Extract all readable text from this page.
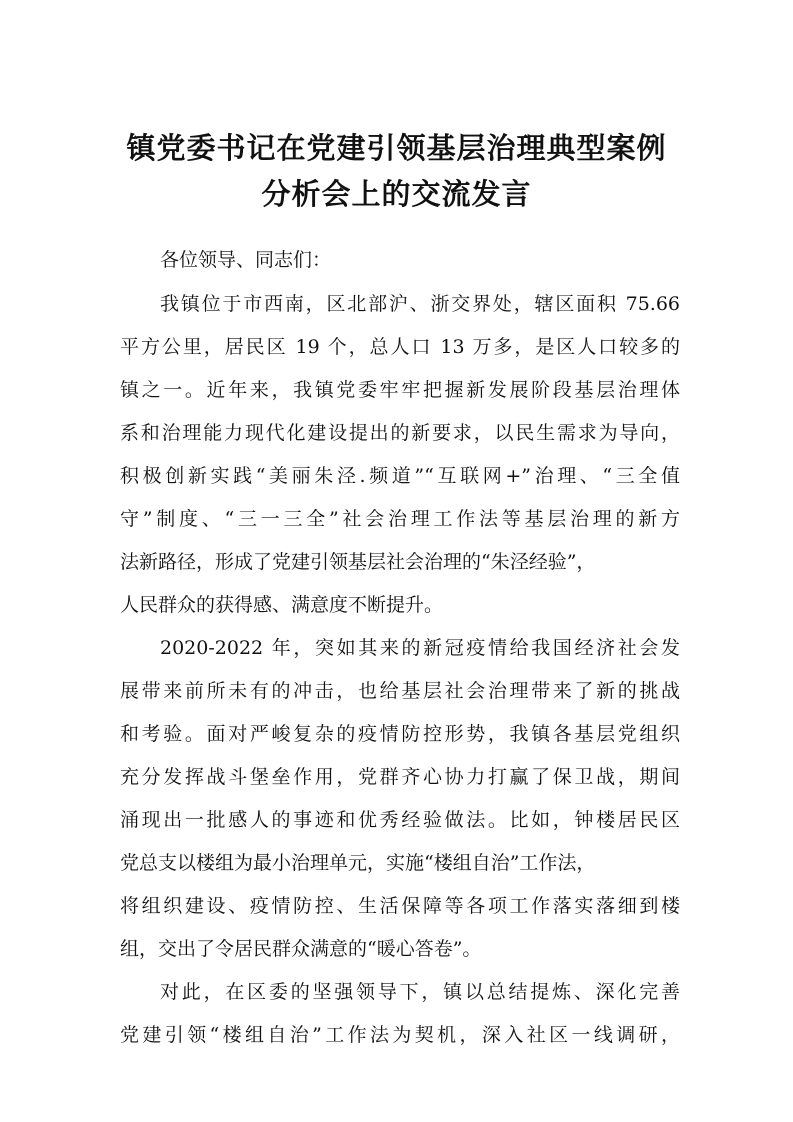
镇党委书记在党建引领基层治理典型案例
分析会上的交流发言

各位领导、同志们：

我镇位于市西南，区北部沪、浙交界处，辖区面积 75.66

平方公里，居民区 19 个，总人口 13 万多，是区人口较多的

镇之一。近年来，我镇党委牢牢把握新发展阶段基层治理体

系和治理能力现代化建设提出的新要求，以民生需求为导向，

积极创新实践“美丽朱泾.频道”“互联网+”治理、“三全值

守”制度、“三一三全”社会治理工作法等基层治理的新方

法新路径，形成了党建引领基层社会治理的“朱泾经验”，

人民群众的获得感、满意度不断提升。

2020-2022 年，突如其来的新冠疫情给我国经济社会发

展带来前所未有的冲击，也给基层社会治理带来了新的挑战

和考验。面对严峻复杂的疫情防控形势，我镇各基层党组织

充分发挥战斗堡垒作用，党群齐心协力打赢了保卫战，期间

涌现出一批感人的事迹和优秀经验做法。比如，钟楼居民区

党总支以楼组为最小治理单元，实施“楼组自治”工作法，

将组织建设、疫情防控、生活保障等各项工作落实落细到楼

组，交出了令居民群众满意的“暖心答卷”。

对此，在区委的坚强领导下，镇以总结提炼、深化完善

党建引领“楼组自治”工作法为契机，深入社区一线调研，
